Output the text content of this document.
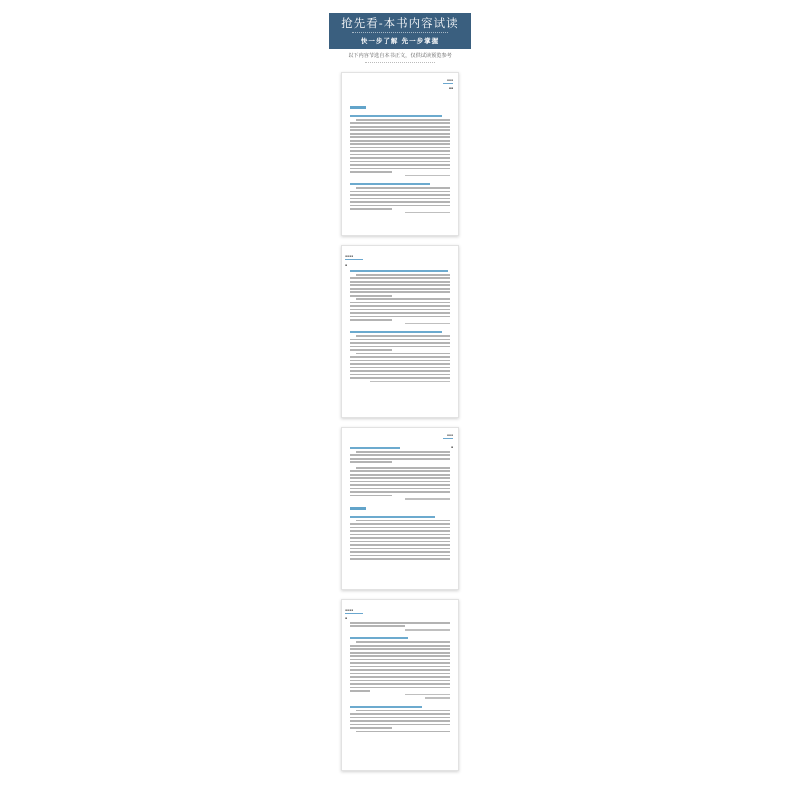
抢先看-本书内容试读
快一步了解 先一步掌握
以下内容节选自本书正文，仅供试读预览参考
▪▪▪
▪▪
▪▪▪▪
▪
▪▪▪
▪
▪▪▪▪
▪
